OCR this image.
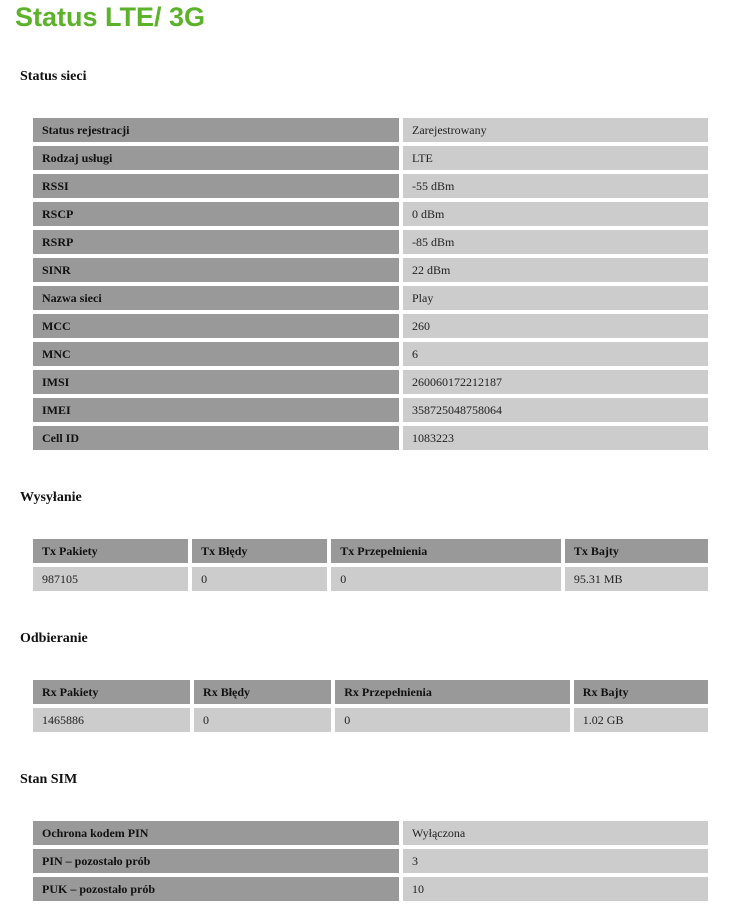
Status LTE/ 3G
Status sieci
Status rejestracji	Zarejestrowany
Rodzaj usługi	LTE
RSSI	-55 dBm
RSCP	0 dBm
RSRP	-85 dBm
SINR	22 dBm
Nazwa sieci	Play
MCC	260
MNC	6
IMSI	260060172212187
IMEI	358725048758064
Cell ID	1083223
Wysyłanie
Tx Pakiety	Tx Błędy	Tx Przepełnienia	Tx Bajty
987105	0	0	95.31 MB
Odbieranie
Rx Pakiety	Rx Błędy	Rx Przepełnienia	Rx Bajty
1465886	0	0	1.02 GB
Stan SIM
Ochrona kodem PIN	Wyłączona
PIN – pozostało prób	3
PUK – pozostało prób	10
